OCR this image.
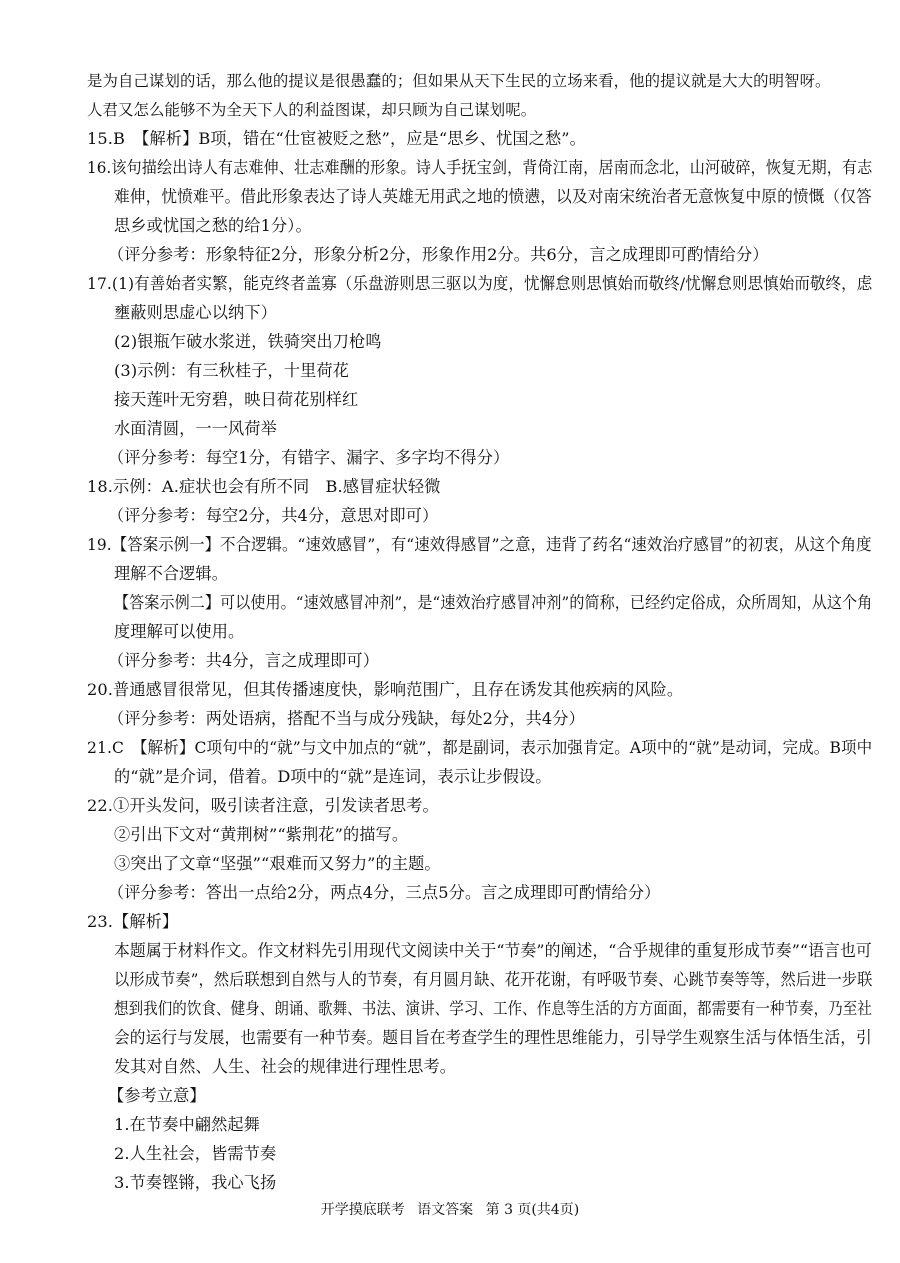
是为自己谋划的话，那么他的提议是很愚蠢的；但如果从天下生民的立场来看，他的提议就是大大的明智呀。
人君又怎么能够不为全天下人的利益图谋，却只顾为自己谋划呢。
15.B　【解析】B项，错在“仕宦被贬之愁”，应是“思乡、忧国之愁”。
16.该句描绘出诗人有志难伸、壮志难酬的形象。诗人手抚宝剑，背倚江南，居南而念北，山河破碎，恢复无期，有志
难伸，忧愤难平。借此形象表达了诗人英雄无用武之地的愤懑，以及对南宋统治者无意恢复中原的愤慨（仅答
思乡或忧国之愁的给1分）。
（评分参考：形象特征2分，形象分析2分，形象作用2分。共6分，言之成理即可酌情给分）
17.(1)有善始者实繁，能克终者盖寡（乐盘游则思三驱以为度，忧懈怠则思慎始而敬终/忧懈怠则思慎始而敬终，虑
壅蔽则思虚心以纳下）
(2)银瓶乍破水浆迸，铁骑突出刀枪鸣
(3)示例：有三秋桂子，十里荷花
接天莲叶无穷碧，映日荷花别样红
水面清圆，一一风荷举
（评分参考：每空1分，有错字、漏字、多字均不得分）
18.示例：A.症状也会有所不同　B.感冒症状轻微
（评分参考：每空2分，共4分，意思对即可）
19.【答案示例一】不合逻辑。“速效感冒”，有“速效得感冒”之意，违背了药名“速效治疗感冒”的初衷，从这个角度
理解不合逻辑。
【答案示例二】可以使用。“速效感冒冲剂”，是“速效治疗感冒冲剂”的简称，已经约定俗成，众所周知，从这个角
度理解可以使用。
（评分参考：共4分，言之成理即可）
20.普通感冒很常见，但其传播速度快，影响范围广，且存在诱发其他疾病的风险。
（评分参考：两处语病，搭配不当与成分残缺，每处2分，共4分）
21.C　【解析】C项句中的“就”与文中加点的“就”，都是副词，表示加强肯定。A项中的“就”是动词，完成。B项中
的“就”是介词，借着。D项中的“就”是连词，表示让步假设。
22.①开头发问，吸引读者注意，引发读者思考。
②引出下文对“黄荆树”“紫荆花”的描写。
③突出了文章“坚强”“艰难而又努力”的主题。
（评分参考：答出一点给2分，两点4分，三点5分。言之成理即可酌情给分）
23.【解析】
本题属于材料作文。作文材料先引用现代文阅读中关于“节奏”的阐述，“合乎规律的重复形成节奏”“语言也可
以形成节奏”，然后联想到自然与人的节奏，有月圆月缺、花开花谢，有呼吸节奏、心跳节奏等等，然后进一步联
想到我们的饮食、健身、朗诵、歌舞、书法、演讲、学习、工作、作息等生活的方方面面，都需要有一种节奏，乃至社
会的运行与发展，也需要有一种节奏。题目旨在考查学生的理性思维能力，引导学生观察生活与体悟生活，引
发其对自然、人生、社会的规律进行理性思考。
【参考立意】
1.在节奏中翩然起舞
2.人生社会，皆需节奏
3.节奏铿锵，我心飞扬
开学摸底联考 语文答案 第 3 页(共4页)
